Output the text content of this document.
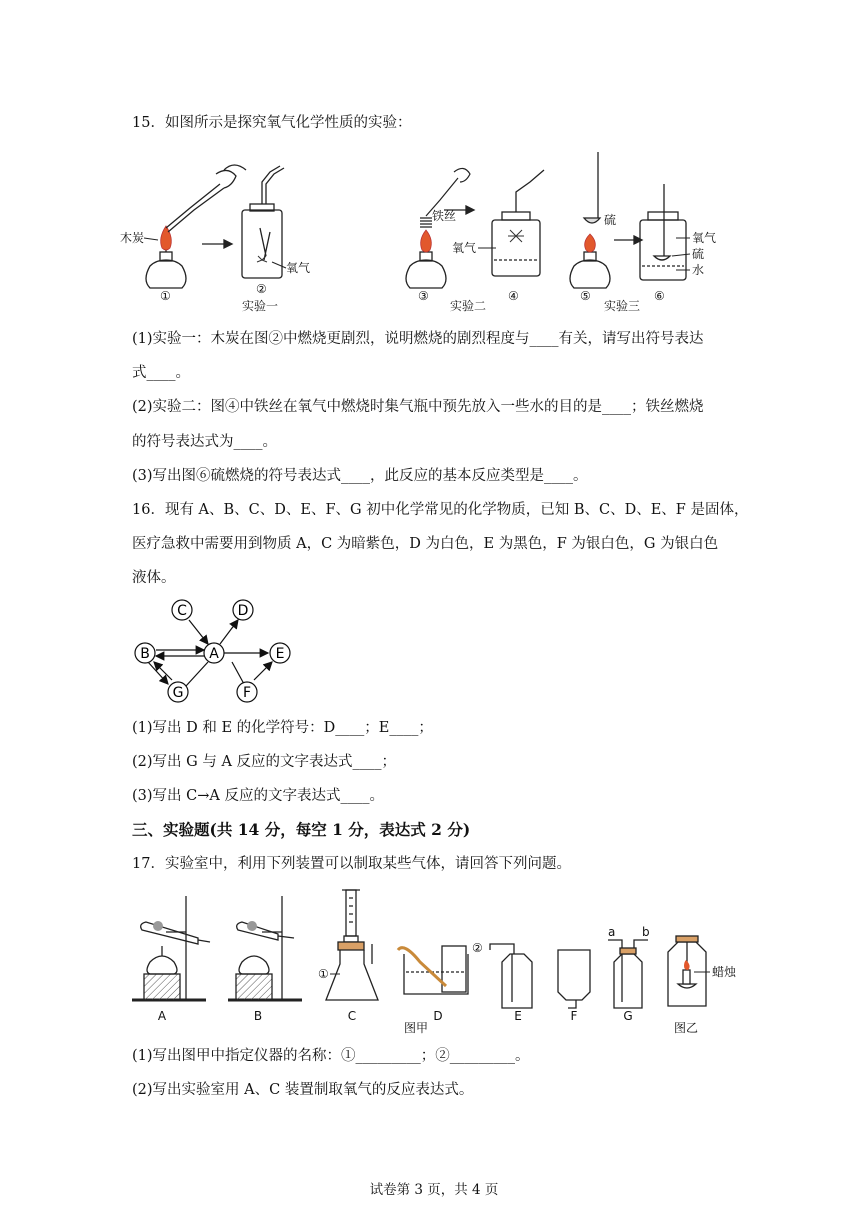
15．如图所示是探究氧气化学性质的实验：
木炭
氧气
①	②
实验一
铁丝
氧气
③	④
实验二
硫
氧气
硫
水
⑤	⑥
实验三
(1)实验一：木炭在图②中燃烧更剧烈，说明燃烧的剧烈程度与____有关，请写出符号表达
式____。
(2)实验二：图④中铁丝在氧气中燃烧时集气瓶中预先放入一些水的目的是____；铁丝燃烧
的符号表达式为____。
(3)写出图⑥硫燃烧的符号表达式____，此反应的基本反应类型是____。
16．现有 A、B、C、D、E、F、G 初中化学常见的化学物质，已知 B、C、D、E、F 是固体，
医疗急救中需要用到物质 A，C 为暗紫色，D 为白色，E 为黑色，F 为银白色，G 为银白色
液体。
C	D
B	A	E
G	F
(1)写出 D 和 E 的化学符号：D____；E____；
(2)写出 G 与 A 反应的文字表达式____；
(3)写出 C→A 反应的文字表达式____。
三、实验题(共 14 分，每空 1 分，表达式 2 分)
17．实验室中，利用下列装置可以制取某些气体，请回答下列问题。
A	B
①
C
②
D	E	F
a b
G
蜡烛
图甲	图乙
(1)写出图甲中指定仪器的名称：①_________；②_________。
(2)写出实验室用 A、C 装置制取氧气的反应表达式。
试卷第 3 页，共 4 页
